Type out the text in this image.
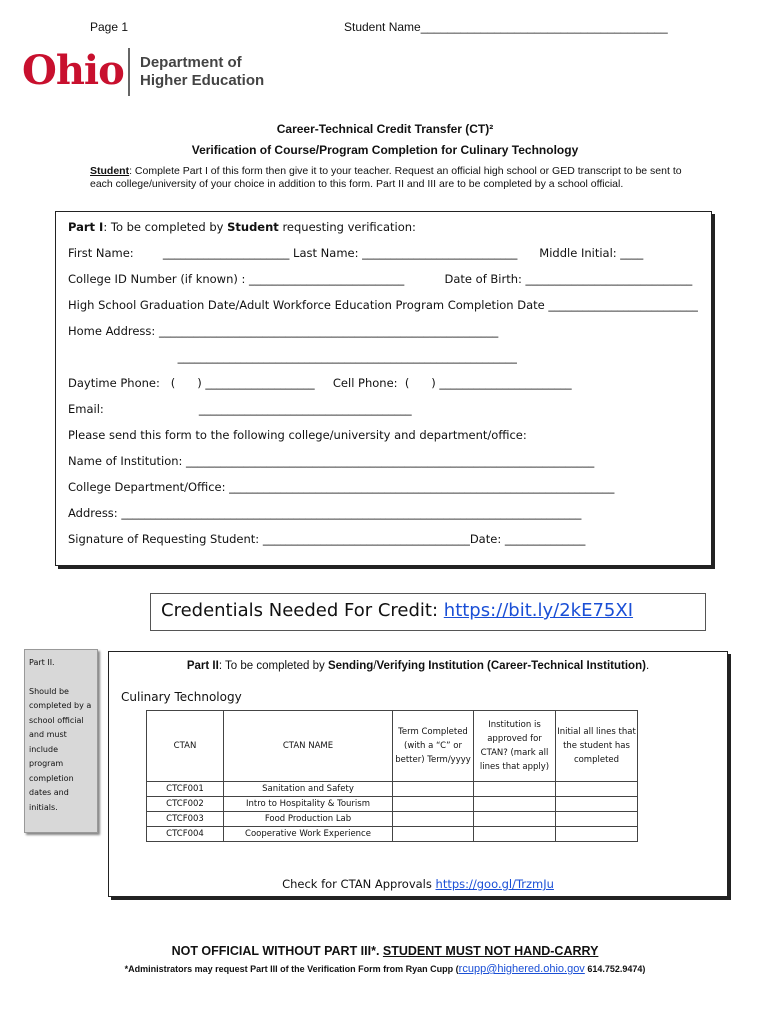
Page 1	Student Name_____________________________________
Ohio Department of
Higher Education
Career-Technical Credit Transfer (CT)²
Verification of Course/Program Completion for Culinary Technology
Student: Complete Part I of this form then give it to your teacher. Request an official high school or GED transcript to be sent to each college/university of your choice in addition to this form. Part II and III are to be completed by a school official.
Part I: To be completed by Student requesting verification:
First Name:        ______________________ Last Name: ___________________________      Middle Initial: ____
College ID Number (if known) : ___________________________           Date of Birth: _____________________________
High School Graduation Date/Adult Workforce Education Program Completion Date __________________________
Home Address: ___________________________________________________________
___________________________________________________________
Daytime Phone:   (      ) ___________________     Cell Phone:  (      ) _______________________
Email:                          _____________________________________
Please send this form to the following college/university and department/office:
Name of Institution: _______________________________________________________________________
College Department/Office: ___________________________________________________________________
Address: ________________________________________________________________________________
Signature of Requesting Student: ____________________________________Date: ______________
Credentials Needed For Credit: https://bit.ly/2kE75XI
Part II.
Should be completed by a school official and must include program completion dates and initials.
Part II: To be completed by Sending/Verifying Institution (Career-Technical Institution).
Culinary Technology
CTAN	CTAN NAME	Term Completed (with a “C” or better) Term/yyyy	Institution is approved for CTAN? (mark all lines that apply)	Initial all lines that the student has completed
CTCF001	Sanitation and Safety			
CTCF002	Intro to Hospitality & Tourism			
CTCF003	Food Production Lab			
CTCF004	Cooperative Work Experience			
Check for CTAN Approvals https://goo.gl/TrzmJu
NOT OFFICIAL WITHOUT PART III*. STUDENT MUST NOT HAND-CARRY
*Administrators may request Part III of the Verification Form from Ryan Cupp (rcupp@highered.ohio.gov 614.752.9474)
